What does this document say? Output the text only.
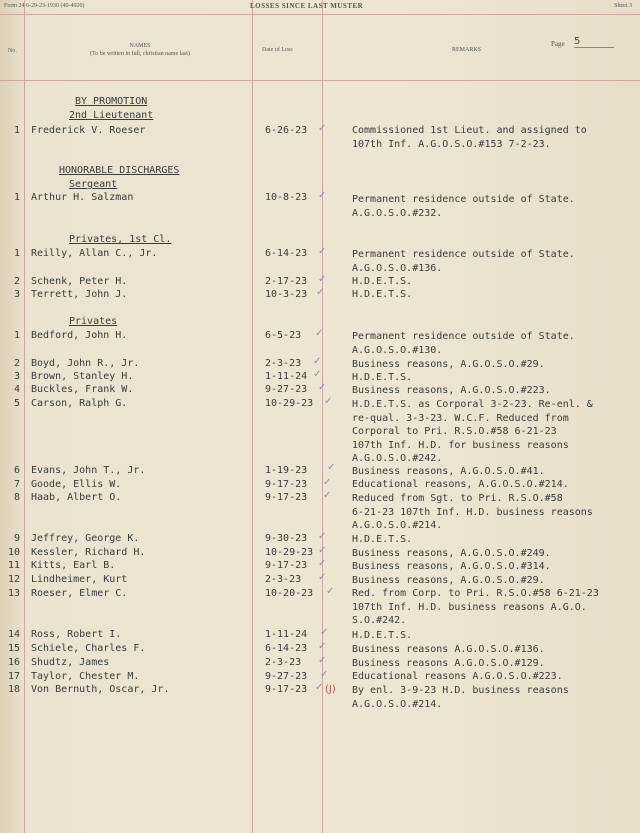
Form 24 6-29-23-1930 (40-4920)	LOSSES SINCE LAST MUSTER	Sheet 3
No.
NAMES
(To be written in full, christian name last)
Date of Loss	REMARKS
Page 5
BY PROMOTION
2nd Lieutenant
HONORABLE DISCHARGES
Sergeant
Privates, 1st Cl.
Privates
1 Frederick V. Roeser	6-26-23 ✓	Commissioned 1st Lieut. and assigned to
107th Inf. A.G.O.S.O.#153 7-2-23.
1 Arthur H. Salzman	10-8-23 ✓	Permanent residence outside of State.
A.G.O.S.O.#232.
1 Reilly, Allan C., Jr.	6-14-23 ✓	Permanent residence outside of State.
A.G.O.S.O.#136.
2 Schenk, Peter H.	2-17-23 ✓	H.D.E.T.S.
3 Terrett, John J.	10-3-23 ✓	H.D.E.T.S.
1 Bedford, John H.	6-5-23 ✓	Permanent residence outside of State.
A.G.O.S.O.#130.
2 Boyd, John R., Jr.	2-3-23 ✓	Business reasons, A.G.O.S.O.#29.
3 Brown, Stanley H.	1-11-24 ✓	H.D.E.T.S.
4 Buckles, Frank W.	9-27-23 ✓	Business reasons, A.G.O.S.O.#223.
5 Carson, Ralph G.	10-29-23 ✓ H.D.E.T.S. as Corporal 3-2-23. Re-enl. &
re-qual. 3-3-23. W.C.F. Reduced from
Corporal to Pri. R.S.O.#58 6-21-23
107th Inf. H.D. for business reasons
A.G.O.S.O.#242.
6 Evans, John T., Jr.	1-19-23 ✓ Business reasons, A.G.O.S.O.#41.
7 Goode, Ellis W.	9-17-23 ✓ Educational reasons, A.G.O.S.O.#214.
8 Haab, Albert O.	9-17-23 ✓ Reduced from Sgt. to Pri. R.S.O.#58
6-21-23 107th Inf. H.D. business reasons
A.G.O.S.O.#214.
9 Jeffrey, George K.	9-30-23 ✓	H.D.E.T.S.
10 Kessler, Richard H.	10-29-23 ✓	Business reasons, A.G.O.S.O.#249.
11 Kitts, Earl B.	9-17-23 ✓	Business reasons, A.G.O.S.O.#314.
12 Lindheimer, Kurt	2-3-23 ✓	Business reasons, A.G.O.S.O.#29.
13 Roeser, Elmer C.	10-20-23 ✓ Red. from Corp. to Pri. R.S.O.#58 6-21-23
107th Inf. H.D. business reasons A.G.O.
S.O.#242.
14 Ross, Robert I.	1-11-24 ✓ H.D.E.T.S.
15 Schiele, Charles F.	6-14-23 ✓	Business reasons A.G.O.S.O.#136.
16 Shudtz, James	2-3-23 ✓	Business reasons A.G.O.S.O.#129.
17 Taylor, Chester M.	9-27-23 ✓ Educational reasons A.G.O.S.O.#223.
18 Von Bernuth, Oscar, Jr.	9-17-23 ✓ (J) By enl. 3-9-23 H.D. business reasons
A.G.O.S.O.#214.
